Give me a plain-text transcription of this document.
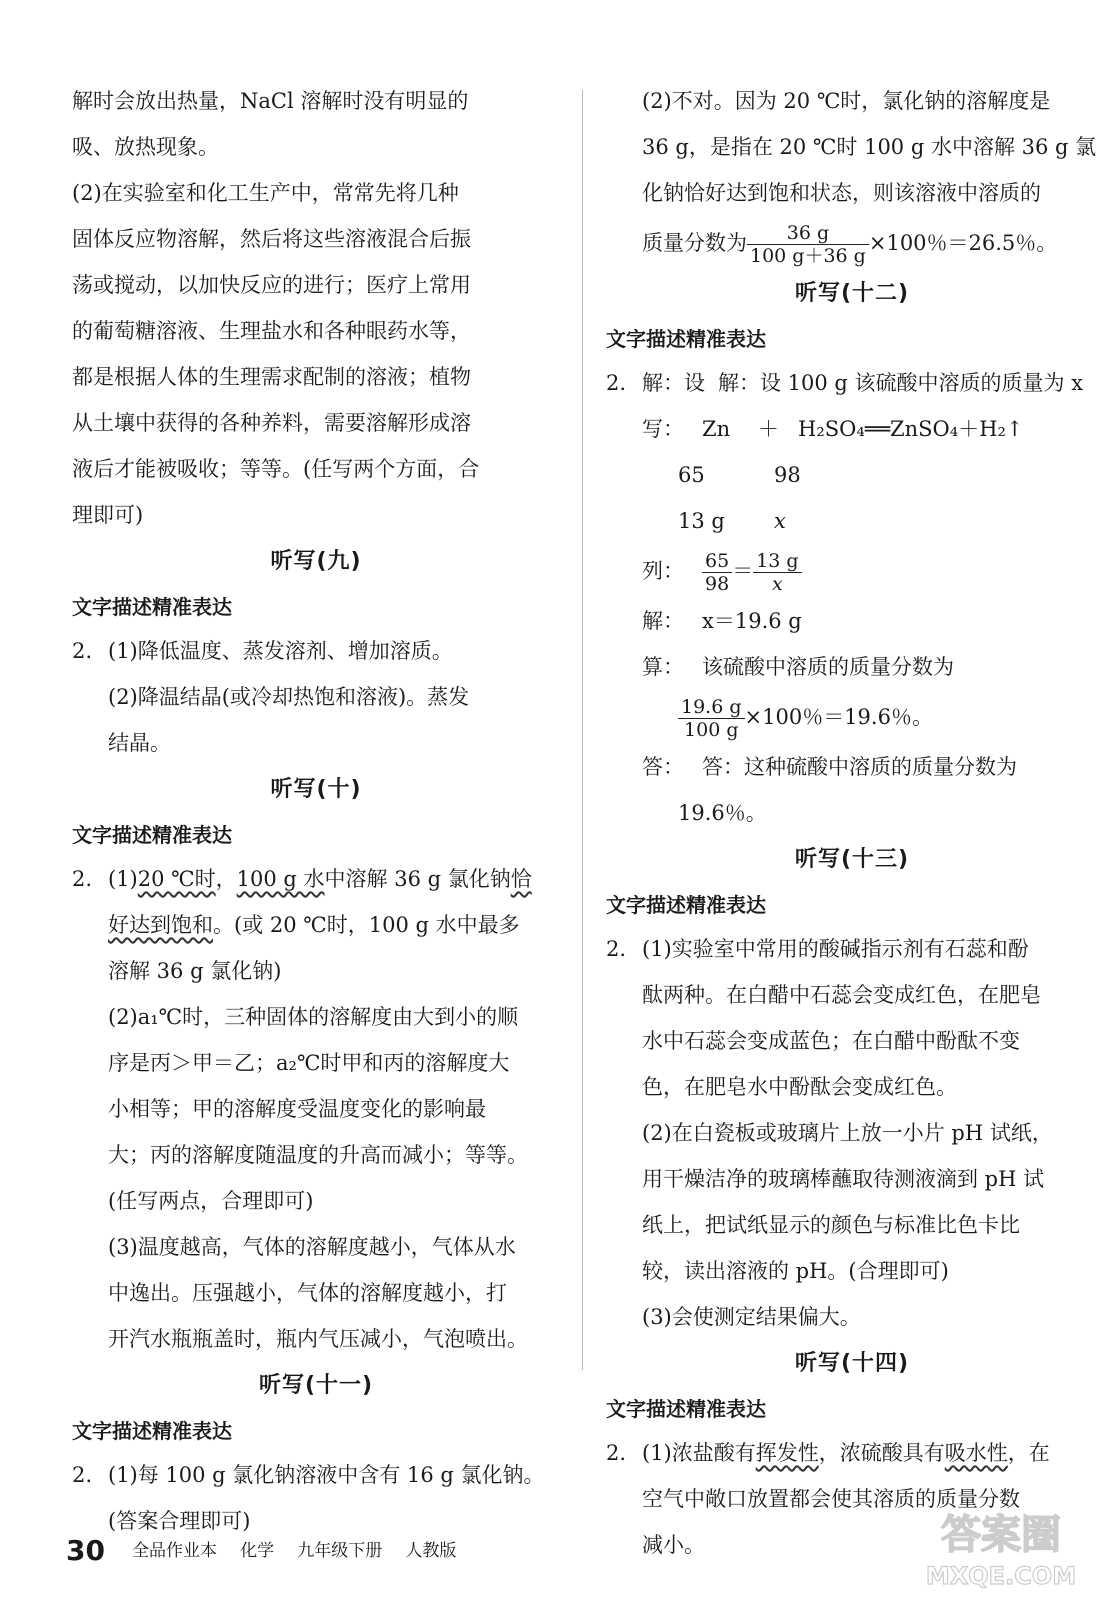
解时会放出热量，NaCl 溶解时没有明显的
吸、放热现象。
(2)在实验室和化工生产中，常常先将几种
固体反应物溶解，然后将这些溶液混合后振
荡或搅动，以加快反应的进行；医疗上常用
的葡萄糖溶液、生理盐水和各种眼药水等，
都是根据人体的生理需求配制的溶液；植物
从土壤中获得的各种养料，需要溶解形成溶
液后才能被吸收；等等。(任写两个方面，合
理即可)
听写(九)
文字描述精准表达
2. (1)降低温度、蒸发溶剂、增加溶质。
(2)降温结晶(或冷却热饱和溶液)。蒸发
结晶。
听写(十)
文字描述精准表达
2. (1)20 ℃时，100 g 水中溶解 36 g 氯化钠恰
好达到饱和。(或 20 ℃时，100 g 水中最多
溶解 36 g 氯化钠)
(2)a₁℃时，三种固体的溶解度由大到小的顺
序是丙＞甲＝乙；a₂℃时甲和丙的溶解度大
小相等；甲的溶解度受温度变化的影响最
大；丙的溶解度随温度的升高而减小；等等。
(任写两点，合理即可)
(3)温度越高，气体的溶解度越小，气体从水
中逸出。压强越小，气体的溶解度越小，打
开汽水瓶瓶盖时，瓶内气压减小，气泡喷出。
听写(十一)
文字描述精准表达
2. (1)每 100 g 氯化钠溶液中含有 16 g 氯化钠。
(答案合理即可)
(2)不对。因为 20 ℃时，氯化钠的溶解度是
36 g，是指在 20 ℃时 100 g 水中溶解 36 g 氯
化钠恰好达到饱和状态，则该溶液中溶质的
质量分数为 $\frac{36 g}{100 g+36 g} \times 100$％＝26.5％。
听写(十二)
文字描述精准表达
2. 解：设 解：设 100 g 该硫酸中溶质的质量为 x
写： Zn ＋ H₂SO₄══ZnSO₄＋H₂↑
65	98
13 g x
列： $\frac{65}{98} = \frac{13 g}{x}$
解： x＝19.6 g
算： 该硫酸中溶质的质量分数为
$\frac{19.6 g}{100 g} \times 100$％＝19.6％。
答： 答：这种硫酸中溶质的质量分数为
19.6％。
听写(十三)
文字描述精准表达
2. (1)实验室中常用的酸碱指示剂有石蕊和酚
酞两种。在白醋中石蕊会变成红色，在肥皂
水中石蕊会变成蓝色；在白醋中酚酞不变
色，在肥皂水中酚酞会变成红色。
(2)在白瓷板或玻璃片上放一小片 pH 试纸，
用干燥洁净的玻璃棒蘸取待测液滴到 pH 试
纸上，把试纸显示的颜色与标准比色卡比
较，读出溶液的 pH。(合理即可)
(3)会使测定结果偏大。
听写(十四)
文字描述精准表达
2. (1)浓盐酸有挥发性，浓硫酸具有吸水性，在
空气中敞口放置都会使其溶质的质量分数
减小。
30 全品作业本 化学 九年级下册 人教版	答案圈
MXQE.COM
